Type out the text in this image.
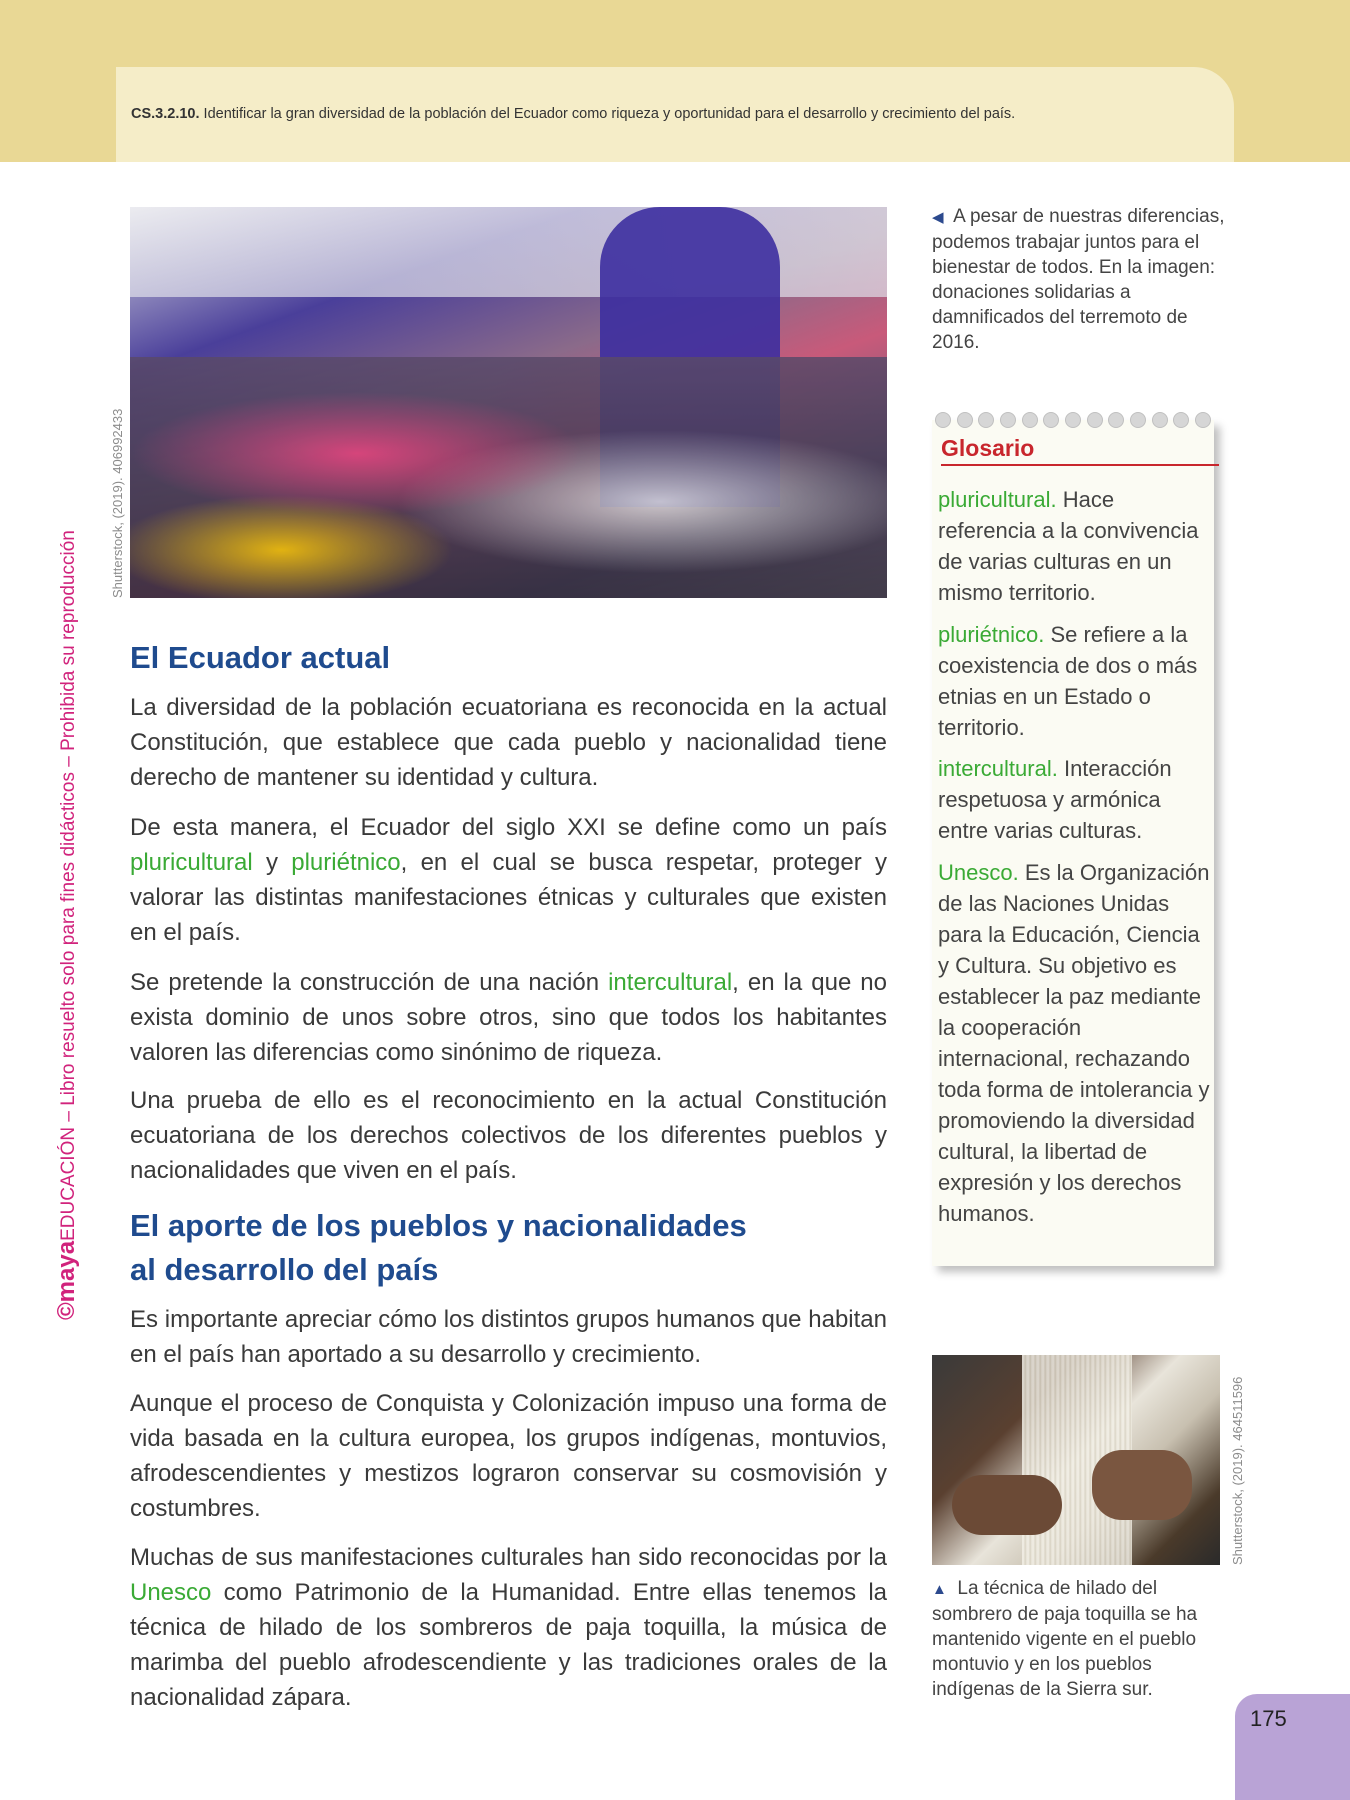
CS.3.2.10. Identificar la gran diversidad de la población del Ecuador como riqueza y oportunidad para el desarrollo y crecimiento del país.
©mayaEDUCACIÓN – Libro resuelto solo para fines didácticos – Prohibida su reproducción
Shutterstock, (2019). 406992433
◀ A pesar de nuestras diferencias, podemos trabajar juntos para el bienestar de todos. En la imagen: donaciones solidarias a damnificados del terremoto de 2016.
El Ecuador actual

La diversidad de la población ecuatoriana es reconocida en la actual Constitución, que establece que cada pueblo y nacionalidad tiene derecho de mantener su identidad y cultura.

De esta manera, el Ecuador del siglo XXI se define como un país pluricultural y pluriétnico, en el cual se busca respetar, proteger y valorar las distintas manifestaciones étnicas y culturales que existen en el país.

Se pretende la construcción de una nación intercultural, en la que no exista dominio de unos sobre otros, sino que todos los habitantes valoren las diferencias como sinónimo de riqueza.

Una prueba de ello es el reconocimiento en la actual Constitución ecuatoriana de los derechos colectivos de los diferentes pueblos y nacionalidades que viven en el país.

El aporte de los pueblos y nacionalidades
al desarrollo del país

Es importante apreciar cómo los distintos grupos humanos que habitan en el país han aportado a su desarrollo y crecimiento.

Aunque el proceso de Conquista y Colonización impuso una forma de vida basada en la cultura europea, los grupos indígenas, montuvios, afrodescendientes y mestizos lograron conservar su cosmovisión y costumbres.

Muchas de sus manifestaciones culturales han sido reconocidas por la Unesco como Patrimonio de la Humanidad. Entre ellas tenemos la técnica de hilado de los sombreros de paja toquilla, la música de marimba del pueblo afrodescendiente y las tradiciones orales de la nacionalidad zápara.

Glosario

pluricultural. Hace referencia a la convivencia de varias culturas en un mismo territorio.

pluriétnico. Se refiere a la coexistencia de dos o más etnias en un Estado o territorio.

intercultural. Interacción respetuosa y armónica entre varias culturas.

Unesco. Es la Organización de las Naciones Unidas para la Educación, Ciencia y Cultura. Su objetivo es establecer la paz mediante la cooperación internacional, rechazando toda forma de intolerancia y promoviendo la diversidad cultural, la libertad de expresión y los derechos humanos.

Shutterstock, (2019). 464511596
▲ La técnica de hilado del sombrero de paja toquilla se ha mantenido vigente en el pueblo montuvio y en los pueblos indígenas de la Sierra sur.
175
